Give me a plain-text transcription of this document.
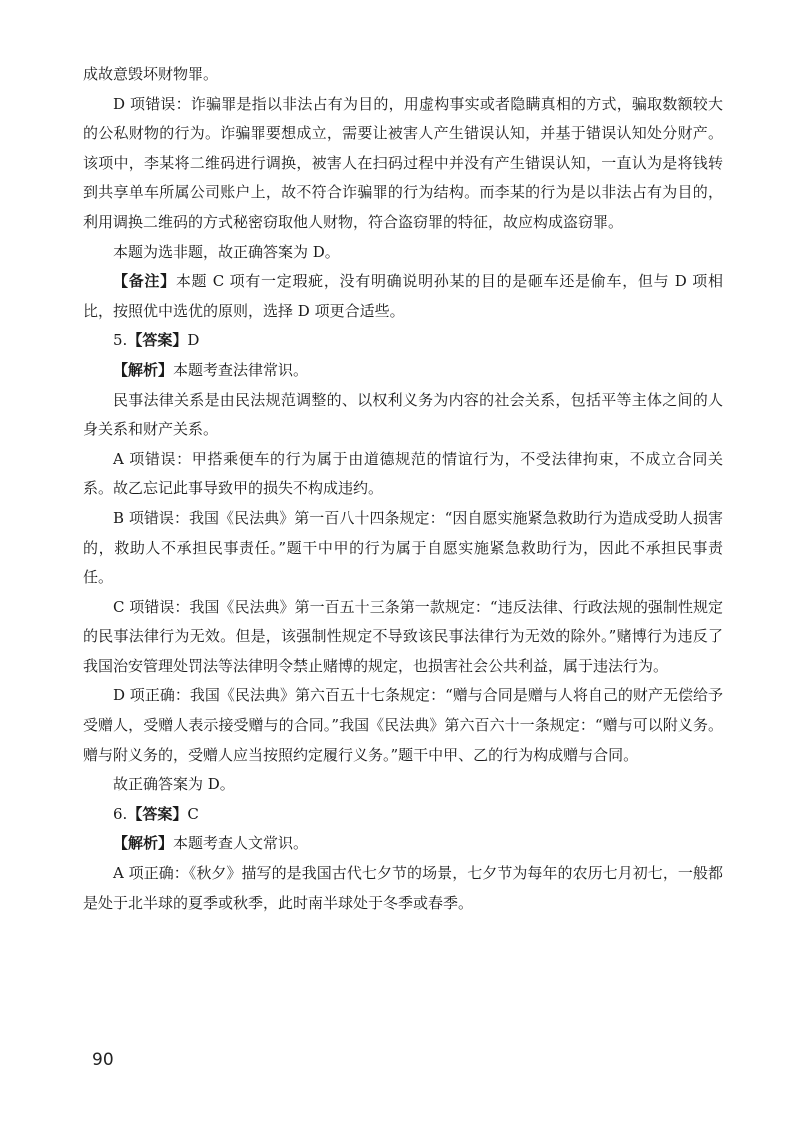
成故意毁坏财物罪。

D 项错误：诈骗罪是指以非法占有为目的，用虚构事实或者隐瞒真相的方式，骗取数额较大的公私财物的行为。诈骗罪要想成立，需要让被害人产生错误认知，并基于错误认知处分财产。该项中，李某将二维码进行调换，被害人在扫码过程中并没有产生错误认知，一直认为是将钱转到共享单车所属公司账户上，故不符合诈骗罪的行为结构。而李某的行为是以非法占有为目的，利用调换二维码的方式秘密窃取他人财物，符合盗窃罪的特征，故应构成盗窃罪。

本题为选非题，故正确答案为 D。

【备注】本题 C 项有一定瑕疵，没有明确说明孙某的目的是砸车还是偷车，但与 D 项相比，按照优中选优的原则，选择 D 项更合适些。

5.【答案】D

【解析】本题考查法律常识。

民事法律关系是由民法规范调整的、以权利义务为内容的社会关系，包括平等主体之间的人身关系和财产关系。

A 项错误：甲搭乘便车的行为属于由道德规范的情谊行为，不受法律拘束，不成立合同关系。故乙忘记此事导致甲的损失不构成违约。

B 项错误：我国《民法典》第一百八十四条规定：“因自愿实施紧急救助行为造成受助人损害的，救助人不承担民事责任。”题干中甲的行为属于自愿实施紧急救助行为，因此不承担民事责任。

C 项错误：我国《民法典》第一百五十三条第一款规定：“违反法律、行政法规的强制性规定的民事法律行为无效。但是，该强制性规定不导致该民事法律行为无效的除外。”赌博行为违反了我国治安管理处罚法等法律明令禁止赌博的规定，也损害社会公共利益，属于违法行为。

D 项正确：我国《民法典》第六百五十七条规定：“赠与合同是赠与人将自己的财产无偿给予受赠人，受赠人表示接受赠与的合同。”我国《民法典》第六百六十一条规定：“赠与可以附义务。赠与附义务的，受赠人应当按照约定履行义务。”题干中甲、乙的行为构成赠与合同。

故正确答案为 D。

6.【答案】C

【解析】本题考查人文常识。

A 项正确：《秋夕》描写的是我国古代七夕节的场景，七夕节为每年的农历七月初七，一般都是处于北半球的夏季或秋季，此时南半球处于冬季或春季。

90
